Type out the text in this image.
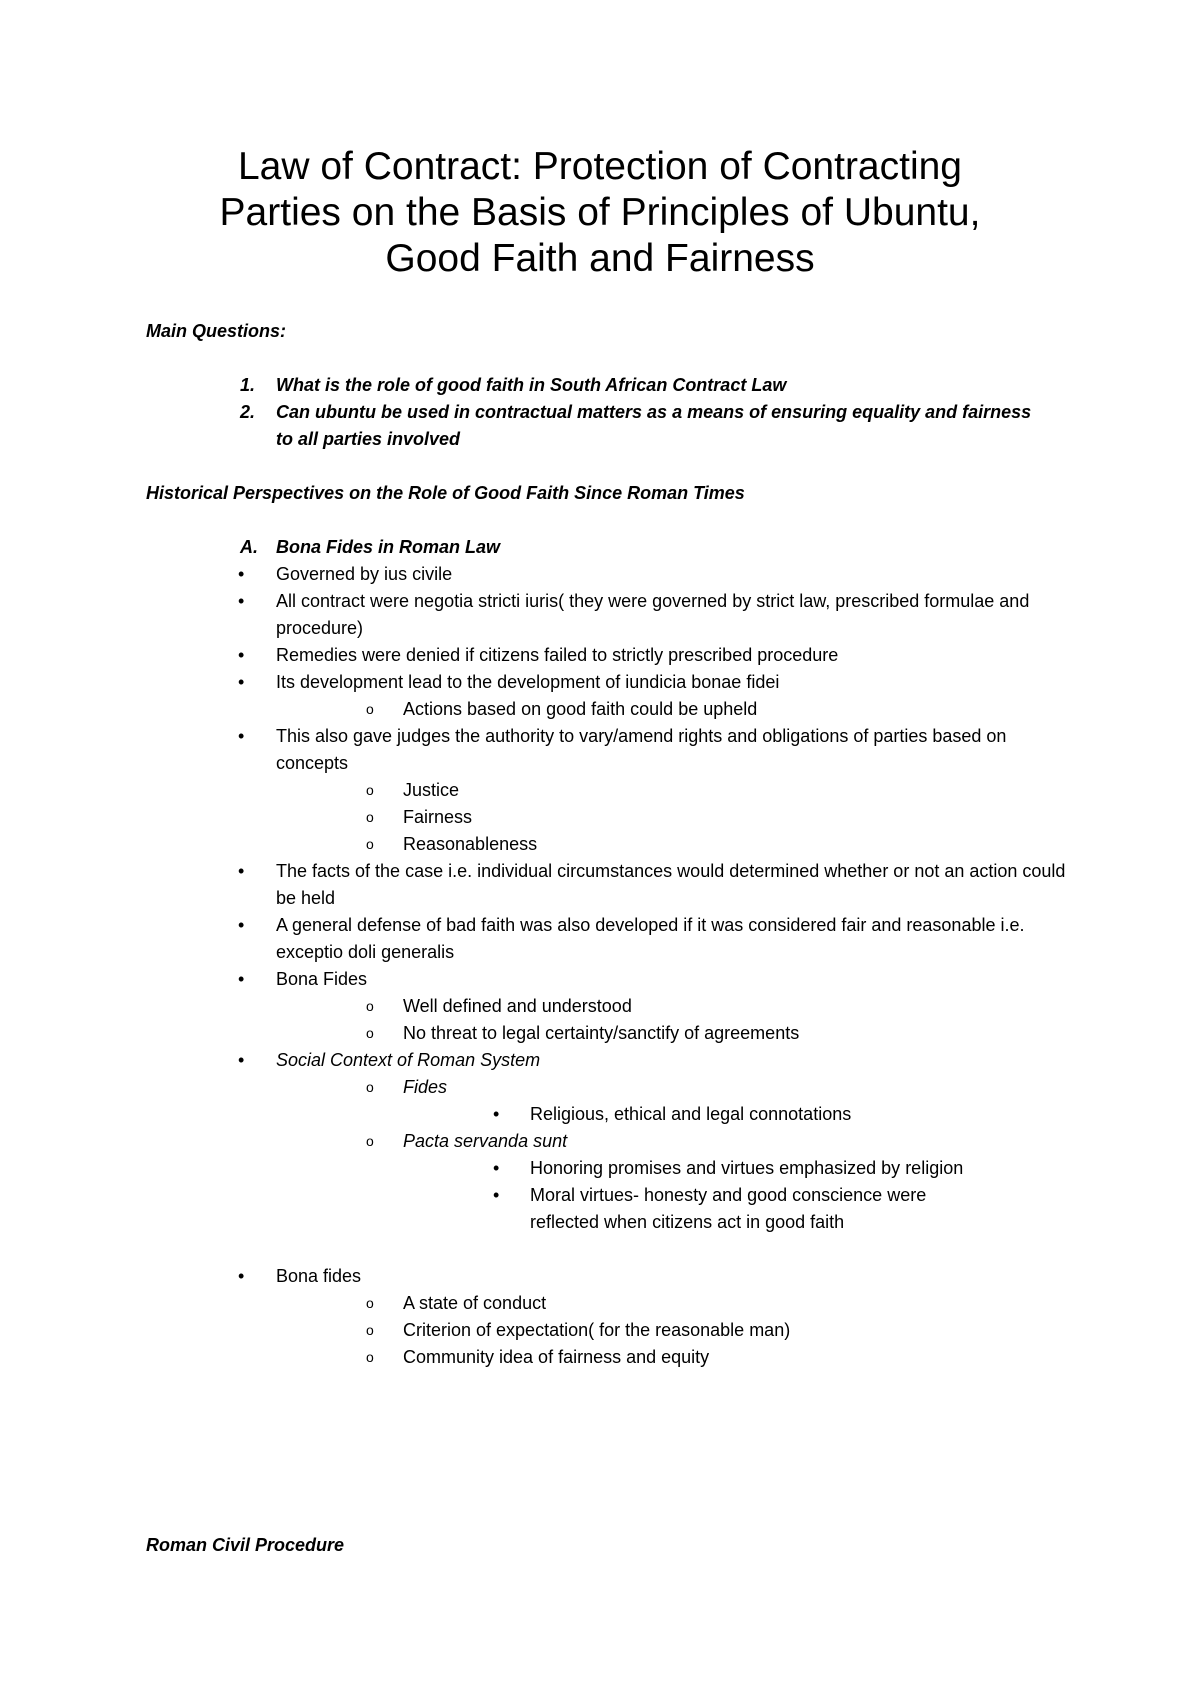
Law of Contract: Protection of Contracting
Parties on the Basis of Principles of Ubuntu,
Good Faith and Fairness
Main Questions:
1. What is the role of good faith in South African Contract Law
2. Can ubuntu be used in contractual matters as a means of ensuring equality and fairness to all parties involved
Historical Perspectives on the Role of Good Faith Since Roman Times
A. Bona Fides in Roman Law
• Governed by ius civile
• All contract were negotia stricti iuris( they were governed by strict law, prescribed formulae and procedure)
• Remedies were denied if citizens failed to strictly prescribed procedure
• Its development lead to the development of iundicia bonae fidei
o Actions based on good faith could be upheld
• This also gave judges the authority to vary/amend rights and obligations of parties based on concepts
o Justice
o Fairness
o Reasonableness
• The facts of the case i.e. individual circumstances would determined whether or not an action could be held
• A general defense of bad faith was also developed if it was considered fair and reasonable i.e. exceptio doli generalis
• Bona Fides
o Well defined and understood
o No threat to legal certainty/sanctify of agreements
• Social Context of Roman System
o Fides
• Religious, ethical and legal connotations
o Pacta servanda sunt
• Honoring promises and virtues emphasized by religion
• Moral virtues- honesty and good conscience were reflected when citizens act in good faith
• Bona fides
o A state of conduct
o Criterion of expectation( for the reasonable man)
o Community idea of fairness and equity
Roman Civil Procedure
